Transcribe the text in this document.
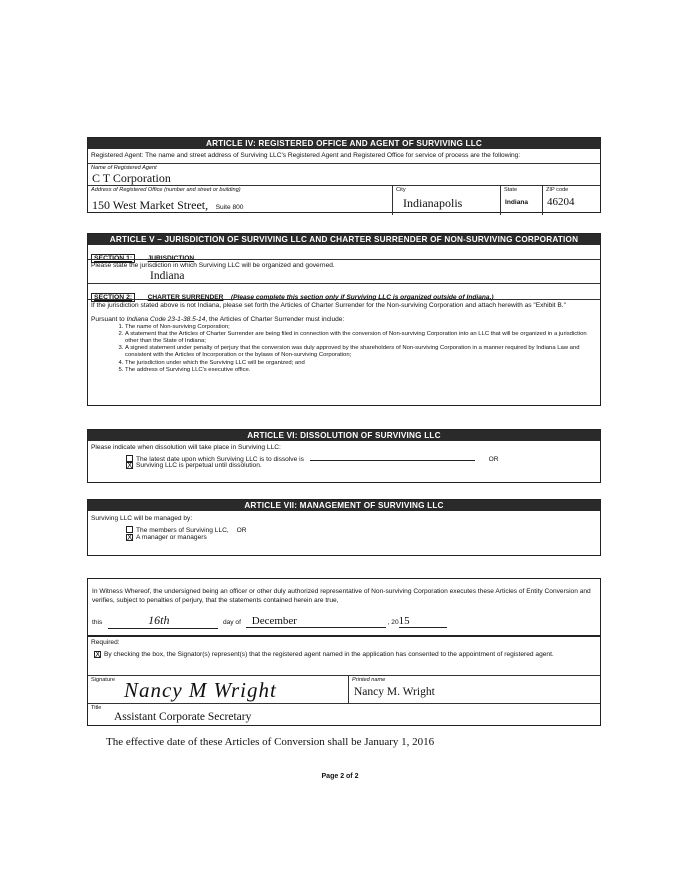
ARTICLE IV: REGISTERED OFFICE AND AGENT OF SURVIVING LLC
Registered Agent: The name and street address of Surviving LLC's Registered Agent and Registered Office for service of process are the following:
Name of Registered Agent
C T Corporation
Address of Registered Office (number and street or building)
150 West Market Street, Suite 800
City
Indianapolis
State
Indiana
ZIP code
46204
ARTICLE V – JURISDICTION OF SURVIVING LLC AND CHARTER SURRENDER OF NON-SURVIVING CORPORATION
SECTION 1: JURISDICTION
Please state the jurisdiction in which Surviving LLC will be organized and governed.
Indiana
SECTION 2: CHARTER SURRENDER (Please complete this section only if Surviving LLC is organized outside of Indiana.)
If the jurisdiction stated above is not Indiana, please set forth the Articles of Charter Surrender for the Non-surviving Corporation and attach herewith as "Exhibit B."
Pursuant to Indiana Code 23-1-38.5-14, the Articles of Charter Surrender must include:
1. The name of Non-surviving Corporation;
2. A statement that the Articles of Charter Surrender are being filed in connection with the conversion of Non-surviving Corporation into an LLC that will be organized in a jurisdiction other than the State of Indiana;
3. A signed statement under penalty of perjury that the conversion was duly approved by the shareholders of Non-surviving Corporation in a manner required by Indiana Law and consistent with the Articles of Incorporation or the bylaws of Non-surviving Corporation;
4. The jurisdiction under which the Surviving LLC will be organized; and
5. The address of Surviving LLC's executive office.
ARTICLE VI: DISSOLUTION OF SURVIVING LLC
Please indicate when dissolution will take place in Surviving LLC:
The latest date upon which Surviving LLC is to dissolve is	OR
X Surviving LLC is perpetual until dissolution.
ARTICLE VII: MANAGEMENT OF SURVIVING LLC
Surviving LLC will be managed by:
The members of Surviving LLC, OR
X A manager or managers
In Witness Whereof, the undersigned being an officer or other duly authorized representative of Non-surviving Corporation executes these Articles of Entity Conversion and verifies, subject to penalties of perjury, that the statements contained herein are true,
this	16th	day of December	, 2015
Required:
X By checking the box, the Signator(s) represent(s) that the registered agent named in the application has consented to the appointment of registered agent.
Signature Nancy M Wright	Printed name
Nancy M. Wright
Title
Assistant Corporate Secretary
The effective date of these Articles of Conversion shall be January 1, 2016
Page 2 of 2
